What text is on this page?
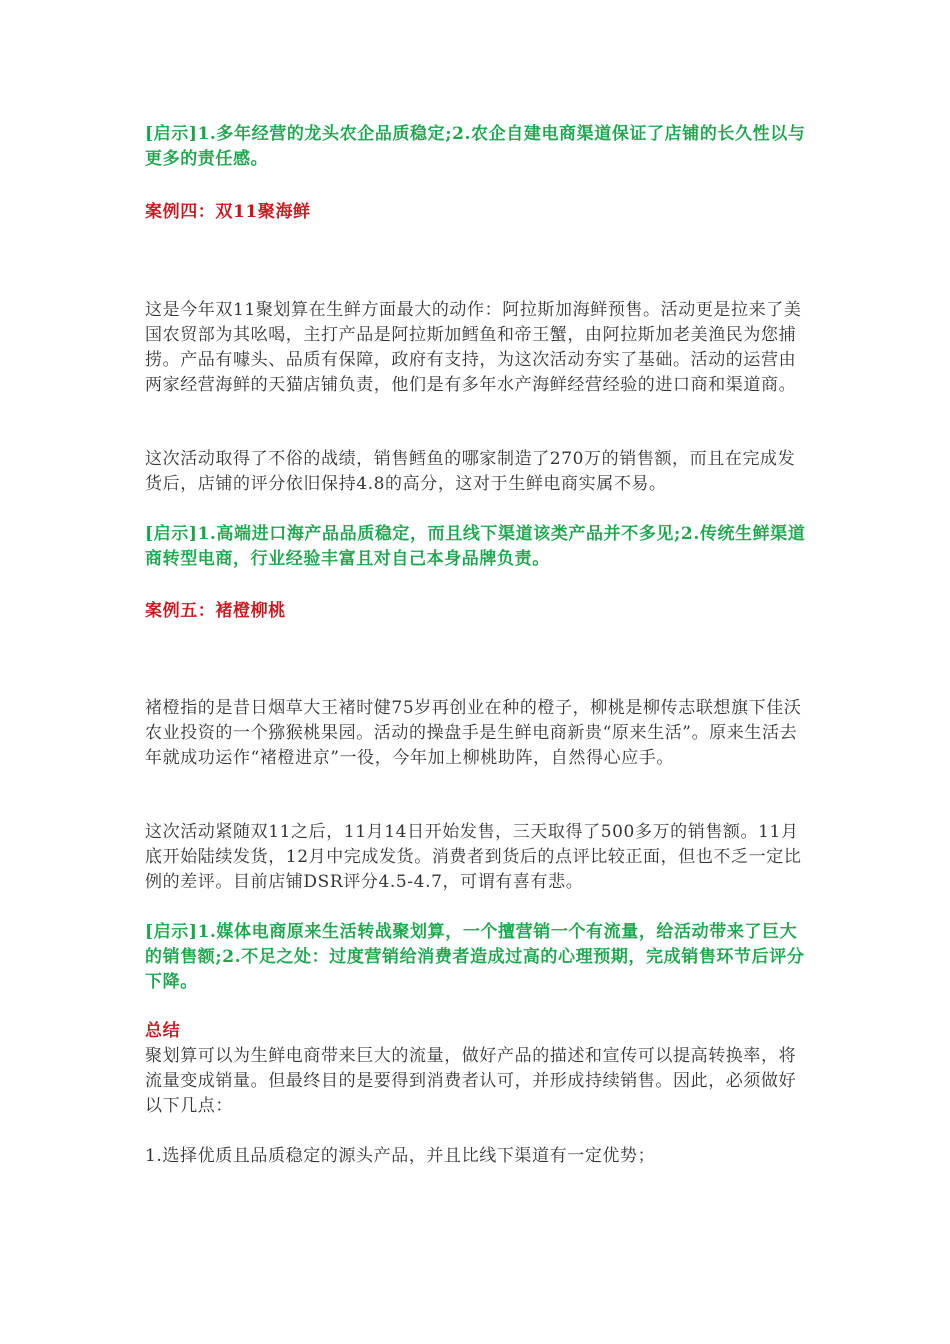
[启示]1.多年经营的龙头农企品质稳定;2.农企自建电商渠道保证了店铺的长久性以与更多的责任感。

案例四：双11聚海鲜

这是今年双11聚划算在生鲜方面最大的动作：阿拉斯加海鲜预售。活动更是拉来了美国农贸部为其吆喝，主打产品是阿拉斯加鳕鱼和帝王蟹，由阿拉斯加老美渔民为您捕捞。产品有噱头、品质有保障，政府有支持，为这次活动夯实了基础。活动的运营由两家经营海鲜的天猫店铺负责，他们是有多年水产海鲜经营经验的进口商和渠道商。

这次活动取得了不俗的战绩，销售鳕鱼的哪家制造了270万的销售额，而且在完成发货后，店铺的评分依旧保持4.8的高分，这对于生鲜电商实属不易。

[启示]1.高端进口海产品品质稳定，而且线下渠道该类产品并不多见;2.传统生鲜渠道商转型电商，行业经验丰富且对自己本身品牌负责。

案例五：褚橙柳桃

褚橙指的是昔日烟草大王褚时健75岁再创业在种的橙子，柳桃是柳传志联想旗下佳沃农业投资的一个猕猴桃果园。活动的操盘手是生鲜电商新贵“原来生活”。原来生活去年就成功运作“褚橙进京”一役，今年加上柳桃助阵，自然得心应手。

这次活动紧随双11之后，11月14日开始发售，三天取得了500多万的销售额。11月底开始陆续发货，12月中完成发货。消费者到货后的点评比较正面，但也不乏一定比例的差评。目前店铺DSR评分4.5-4.7，可谓有喜有悲。

[启示]1.媒体电商原来生活转战聚划算，一个擅营销一个有流量，给活动带来了巨大的销售额;2.不足之处：过度营销给消费者造成过高的心理预期，完成销售环节后评分下降。

总结

聚划算可以为生鲜电商带来巨大的流量，做好产品的描述和宣传可以提高转换率，将流量变成销量。但最终目的是要得到消费者认可，并形成持续销售。因此，必须做好以下几点：

1.选择优质且品质稳定的源头产品，并且比线下渠道有一定优势；
